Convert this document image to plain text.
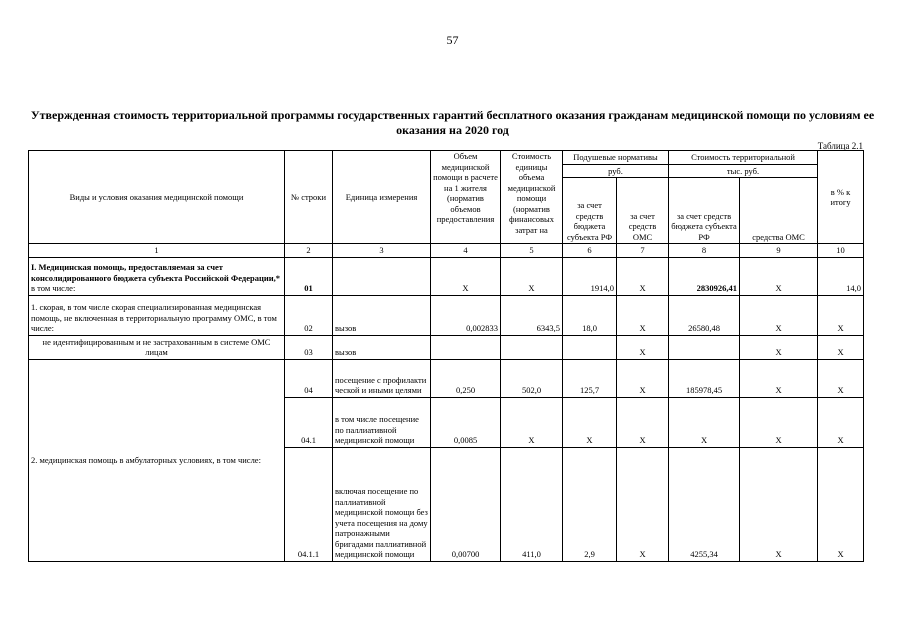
57
Утвержденная стоимость территориальной программы государственных гарантий бесплатного оказания гражданам медицинской помощи по условиям ее оказания на 2020 год
Таблица 2.1
Виды и условия оказания медицинской помощи	№ строки	Единица измерения	Объем медицинской помощи в расчете на 1 жителя (норматив объемов предоставления	Стоимость единицы объема медицинской помощи (норматив финансовых затрат на	Подушевые нормативы		Стоимость территориальной		в % к итогу
					руб.		тыс. руб.		
					за счет средств бюджета субъекта РФ	за счет средств ОМС	за счет средств бюджета субъекта РФ	средства ОМС	
1	2	3	4	5	6	7	8	9	10
I. Медицинская помощь, предоставляемая за счет консолидированного бюджета субъекта Российской Федерации,* в том числе:	01		Х	Х	1914,0	Х	2830926,41	Х	14,0
1. скорая, в том числе скорая специализированная медицинская помощь, не включенная в территориальную программу ОМС, в том числе:	02	вызов	0,002833	6343,5	18,0	Х	26580,48	Х	Х
не идентифицированным и не застрахованным в системе ОМС лицам	03	вызов				Х		Х	Х
2. медицинская помощь в амбулаторных условиях, в том числе:	04	посещение с профилакти ческой и иными целями	0,250	502,0	125,7	Х	185978,45	Х	Х
	04.1	в том числе посещение по паллиативной медицинской помощи	0,0085	Х	Х	Х	Х	Х	Х
	04.1.1	включая посещение по паллиативной медицинской помощи без учета посещения на дому патронажными бригадами паллиативной медицинской помощи	0,00700	411,0	2,9	Х	4255,34	Х	Х
